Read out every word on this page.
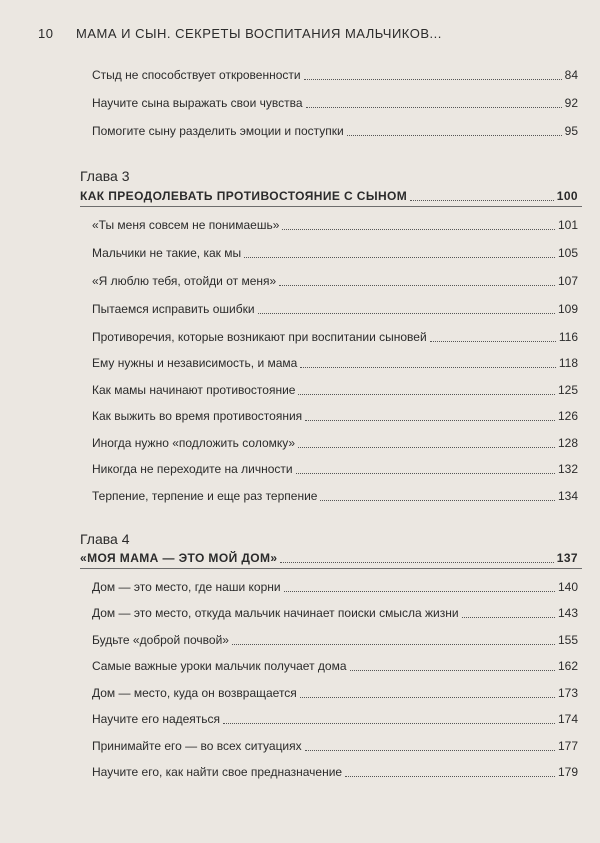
10 МАМА И СЫН. СЕКРЕТЫ ВОСПИТАНИЯ МАЛЬЧИКОВ...
Стыд не способствует откровенности	84
Научите сына выражать свои чувства	92
Помогите сыну разделить эмоции и поступки	95
Глава 3
КАК ПРЕОДОЛЕВАТЬ ПРОТИВОСТОЯНИЕ С СЫНОМ	100
«Ты меня совсем не понимаешь»	101
Мальчики не такие, как мы	105
«Я люблю тебя, отойди от меня»	107
Пытаемся исправить ошибки	109
Противоречия, которые возникают при воспитании сыновей	116
Ему нужны и независимость, и мама	118
Как мамы начинают противостояние	125
Как выжить во время противостояния	126
Иногда нужно «подложить соломку»	128
Никогда не переходите на личности	132
Терпение, терпение и еще раз терпение	134
Глава 4
«МОЯ МАМА — ЭТО МОЙ ДОМ»	137
Дом — это место, где наши корни	140
Дом — это место, откуда мальчик начинает поиски смысла жизни	143
Будьте «доброй почвой»	155
Самые важные уроки мальчик получает дома	162
Дом — место, куда он возвращается	173
Научите его надеяться	174
Принимайте его — во всех ситуациях	177
Научите его, как найти свое предназначение	179
